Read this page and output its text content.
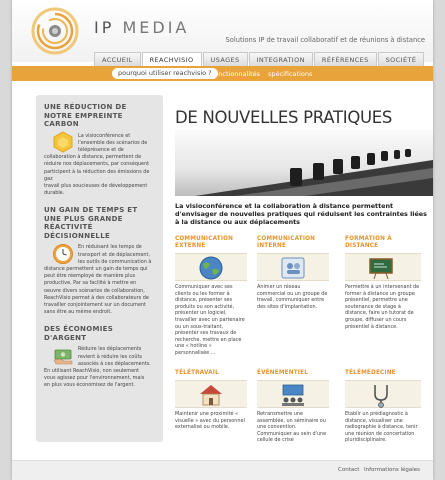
IP MEDIA
Solutions IP de travail collaboratif et de réunions à distance
ACCUEIL	REACHVISIO	USAGES	INTEGRATION	RÉFÉRENCES	SOCIÉTÉ
pourquoi utiliser reachvisio ? fonctionnalités spécifications
UNE RÉDUCTION DE NOTRE EMPREINTE CARBON
La visioconférence et
l'ensemble des scénarios de
téléprésence et de
collaboration à distance, permettent de
réduire nos déplacements, par conséquent
participent à la réduction des émissions de gaz
travail plus soucieuses de développement
durable.
UN GAIN DE TEMPS ET UNE PLUS GRANDE RÉACTIVITÉ DÉCISIONNELLE
En réduisant les temps de
transport et de déplacement,
les outils de communication à
distance permettent un gain de temps qui
peut être réemployé de manière plus
productive. Par sa facilité à mettre en
oeuvre divers scénarios de collaboration,
ReachVisio permet à des collaborateurs de
travailler conjointement sur un document
sans être au même endroit.
DES ÉCONOMIES D'ARGENT
Réduire les déplacements
revient à réduire les coûts
associés à ces déplacements.
En utilisant ReachVisio, non seulement
vous agissez pour l'environnement, mais
en plus vous économisez de l'argent.
DE NOUVELLES PRATIQUES
La visioconférence et la collaboration à distance permettent d'envisager de nouvelles pratiques qui réduisent les contraintes liées à la distance ou aux déplacements
COMMUNICATION EXTERNE
Communiquer avec ses clients ou les former à distance, présenter ses produits ou son activité, présenter un logiciel, travailler avec un partenaire ou un sous-traitant, présenter ses travaux de recherche, mettre en place une « hotline » personnalisée ...
COMMUNICATION INTERNE
Animer un réseau commercial ou un groupe de travail, communiquer entre des sites d'implantation.
FORMATION À DISTANCE
Permettre à un intervenant de former à distance un groupe présentiel, permettre une soutenance de stage à distance, faire un tutorat de groupe, diffuser un cours présentiel à distance.
TÉLÉTRAVAIL
Maintenir une proximité « visuelle » avec du personnel externalisé ou mobile.
ÉVÉNEMENTIEL
Retransmettre une assemblée, un séminaire ou une convention. Communiquer au sein d'une cellule de crise
TÉLÉMÉDECINE
Etablir un prédiagnostic à distance, visualiser une radiographie à distance, tenir une réunion de concertation pluridisciplinaire.
Contact Informations légales
